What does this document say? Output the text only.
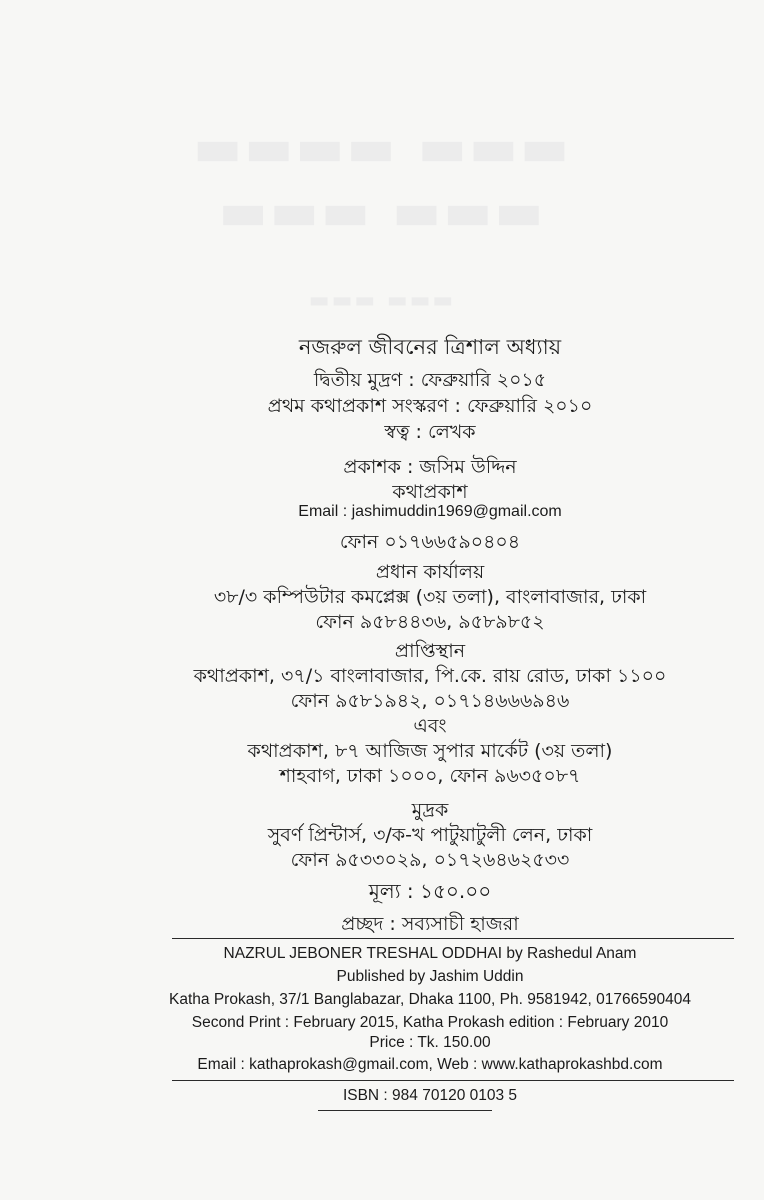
▬▬▬▬ ▬▬▬
▬▬▬ ▬▬▬
▬▬▬ ▬▬▬
নজরুল জীবনের ত্রিশাল অধ্যায়
দ্বিতীয় মুদ্রণ : ফেব্রুয়ারি ২০১৫
প্রথম কথাপ্রকাশ সংস্করণ : ফেব্রুয়ারি ২০১০
স্বত্ব : লেখক
প্রকাশক : জসিম উদ্দিন
কথাপ্রকাশ
Email : jashimuddin1969@gmail.com
ফোন ০১৭৬৬৫৯০৪০৪
প্রধান কার্যালয়
৩৮/৩ কম্পিউটার কমপ্লেক্স (৩য় তলা), বাংলাবাজার, ঢাকা
ফোন ৯৫৮৪৪৩৬, ৯৫৮৯৮৫২
প্রাপ্তিস্থান
কথাপ্রকাশ, ৩৭/১ বাংলাবাজার, পি.কে. রায় রোড, ঢাকা ১১০০
ফোন ৯৫৮১৯৪২, ০১৭১৪৬৬৬৯৪৬
এবং
কথাপ্রকাশ, ৮৭ আজিজ সুপার মার্কেট (৩য় তলা)
শাহবাগ, ঢাকা ১০০০, ফোন ৯৬৩৫০৮৭
মুদ্রক
সুবর্ণ প্রিন্টার্স, ৩/ক-খ পাটুয়াটুলী লেন, ঢাকা
ফোন ৯৫৩৩০২৯, ০১৭২৬৪৬২৫৩৩
মূল্য : ১৫০.০০
প্রচ্ছদ : সব্যসাচী হাজরা
NAZRUL JEBONER TRESHAL ODDHAI by Rashedul Anam
Published by Jashim Uddin
Katha Prokash, 37/1 Banglabazar, Dhaka 1100, Ph. 9581942, 01766590404
Second Print : February 2015, Katha Prokash edition : February 2010
Price : Tk. 150.00
Email : kathaprokash@gmail.com, Web : www.kathaprokashbd.com
ISBN : 984 70120 0103 5
